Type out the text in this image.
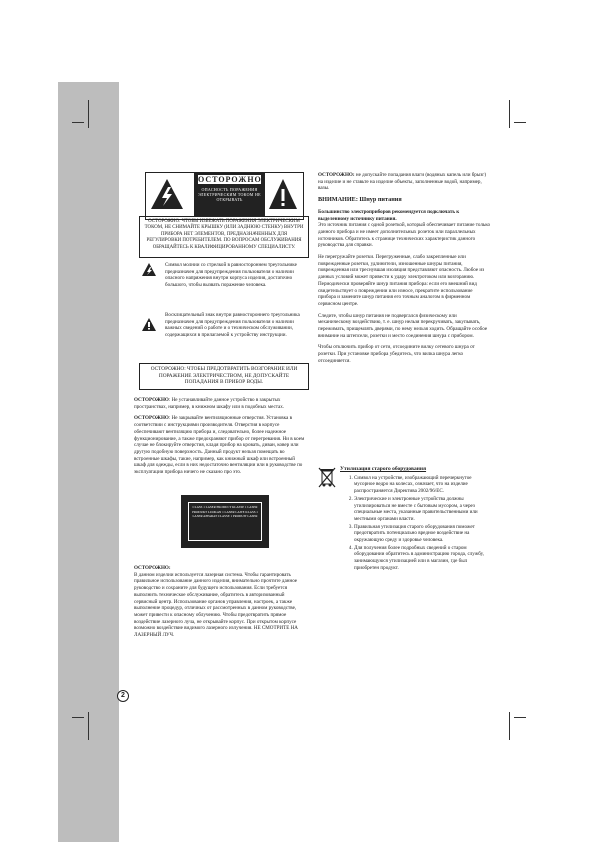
ОСТОРОЖНО
ОПАСНОСТЬ ПОРАЖЕНИЯ ЭЛЕКТРИЧЕСКИМ ТОКОМ НЕ ОТКРЫВАТЬ
ОСТОРОЖНО: ЧТОБЫ ИЗБЕЖАТЬ ПОРАЖЕНИЯ ЭЛЕКТРИЧЕСКИМ ТОКОМ, НЕ СНИМАЙТЕ КРЫШКУ (ИЛИ ЗАДНЮЮ СТЕНКУ) ВНУТРИ ПРИБОРА НЕТ ЭЛЕМЕНТОВ, ПРЕДНАЗНАЧЕННЫХ ДЛЯ РЕГУЛИРОВКИ ПОТРЕБИТЕЛЕМ. ПО ВОПРОСАМ ОБСЛУЖИВАНИЯ ОБРАЩАЙТЕСЬ К КВАЛИФИЦИРОВАННОМУ СПЕЦИАЛИСТУ.
Символ молнии со стрелкой в равностороннем треугольнике предназначен для предупреждения пользователя о наличии опасного напряжения внутри корпуса изделия, достаточно большого, чтобы вызвать поражение человека.
Восклицательный знак внутри равностороннего треугольника предназначен для предупреждения пользователя о наличии важных сведений о работе и о техническом обслуживании, содержащихся в прилагаемой к устройству инструкции.
ОСТОРОЖНО: ЧТОБЫ ПРЕДОТВРАТИТЬ ВОЗГОРАНИЕ ИЛИ ПОРАЖЕНИЕ ЭЛЕКТРИЧЕСТВОМ, НЕ ДОПУСКАЙТЕ ПОПАДАНИЯ В ПРИБОР ВОДЫ.

ОСТОРОЖНО: Не устанавливайте данное устройство в закрытых пространствах, например, в книжном шкафу или в подобных местах.

ОСТОРОЖНО: Не закрывайте вентиляционные отверстия. Установка в соответствии с инструкциями производителя. Отверстия в корпусе обеспечивают вентиляцию прибора и, следовательно, более надежное функционирование, а также предохраняют прибор от перегревания. Ни в коем случае не блокируйте отверстия, кладя прибор на кровать, диван, ковер или другую подобную поверхность. Данный продукт нельзя помещать во встроенные шкафы, такие, например, как книжный шкаф или встроенный шкаф для одежды, если в них недостаточно вентиляции или в руководстве по эксплуатации прибора ничего не сказано про это.

CLASS 1 LASER PRODUCT KLASSE 1 LASER PRODUKT LUOKAN 1 LASER LAITE KLASS 1 LASER APPARAT CLASSE 1 PRODUIT LASER

ОСТОРОЖНО:
В данном изделии используется лазерная система. Чтобы гарантировать правильное использование данного изделия, внимательно прочтите данное руководство и сохраните для будущего использования. Если требуется выполнить техническое обслуживание, обратитесь в авторизованный сервисный центр. Использование органов управления, настроек, а также выполнение процедур, отличных от рассмотренных в данном руководстве, может привести к опасному облучению. Чтобы предотвратить прямое воздействие лазерного луча, не открывайте корпус. При открытом корпусе возможно воздействие видимого лазерного излучения. НЕ СМОТРИТЕ НА ЛАЗЕРНЫЙ ЛУЧ.

ОСТОРОЖНО: не допускайте попадания влаги (водяных капель или брызг) на изделие и не ставьте на изделие объекты, заполненные водой, например, вазы.

ВНИМАНИЕ: Шнур питания

Большинство электроприборов рекомендуется подключать к выделенному источнику питания.
Это источник питания с одной розеткой, который обеспечивает питание только данного прибора и не имеет дополнительных розеток или параллельных источников. Обратитесь к странице технических характеристик данного руководства для справки.

Не перегружайте розетки. Перегруженные, слабо закрепленные или поврежденные розетки, удлинители, изношенные шнуры питания, поврежденная или треснувшая изоляция представляют опасность. Любое из данных условий может привести к удару электротоком или возгоранию. Периодически проверяйте шнур питания прибора: если его внешний вид свидетельствует о повреждении или износе, прекратите использование прибора и замените шнур питания его точным аналогом в фирменном сервисном центре.

Следите, чтобы шнур питания не подвергался физическому или механическому воздействию, т. е. шнур нельзя перекручивать, закупывать, пережимать, прищемлять дверями, по нему нельзя ходить. Обращайте особое внимание на штепсели, розетки и место соединения шнура с прибором.

Чтобы отключить прибор от сети, отсоедините вилку сетевого шнура от розетки. При установке прибора убедитесь, что вилка шнура легко отсоединяется.

Утилизация старого оборудования
1. Символ на устройстве, изображающий перечеркнутое мусорное ведро на колесах, означает, что на изделие распространяется Директива 2002/96/EC.
2. Электрические и электронные устройства должны утилизироваться не вместе с бытовым мусором, а через специальные места, указанные правительственными или местными органами власти.
3. Правильная утилизация старого оборудования поможет предотвратить потенциально вредное воздействие на окружающую среду и здоровье человека.
4. Для получения более подробных сведений о старом оборудовании обратитесь в администрацию города, службу, занимающуюся утилизацией или в магазин, где был приобретен продукт.
2
